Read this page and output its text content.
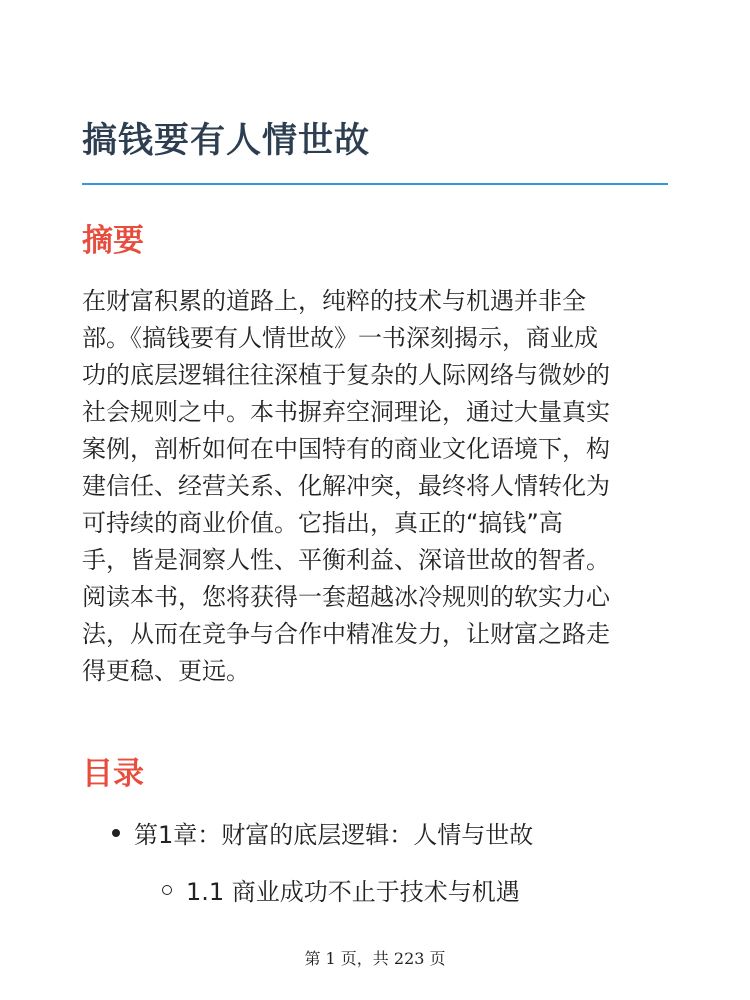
搞钱要有人情世故
摘要
在财富积累的道路上，纯粹的技术与机遇并非全
部。《搞钱要有人情世故》一书深刻揭示，商业成
功的底层逻辑往往深植于复杂的人际网络与微妙的
社会规则之中。本书摒弃空洞理论，通过大量真实
案例，剖析如何在中国特有的商业文化语境下，构
建信任、经营关系、化解冲突，最终将人情转化为
可持续的商业价值。它指出，真正的“搞钱”高
手，皆是洞察人性、平衡利益、深谙世故的智者。
阅读本书，您将获得一套超越冰冷规则的软实力心
法，从而在竞争与合作中精准发力，让财富之路走
得更稳、更远。
目录
第1章：财富的底层逻辑：人情与世故
1.1 商业成功不止于技术与机遇
第 1 页，共 223 页
